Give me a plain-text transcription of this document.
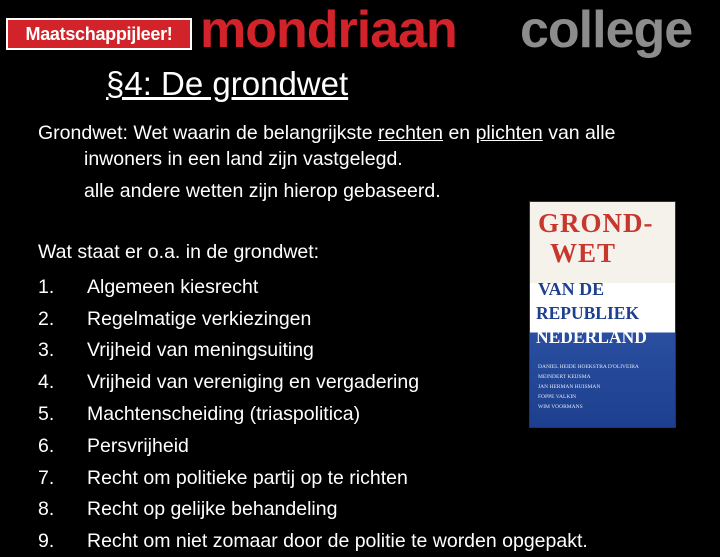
Maatschappijleer! mondriaan college
§4: De grondwet
Grondwet: Wet waarin de belangrijkste rechten en plichten van alle
inwoners in een land zijn vastgelegd.
alle andere wetten zijn hierop gebaseerd.
Wat staat er o.a. in de grondwet:
1.	Algemeen kiesrecht
2.	Regelmatige verkiezingen
3.	Vrijheid van meningsuiting
4.	Vrijheid van vereniging en vergadering
5.	Machtenscheiding (triaspolitica)
6.	Persvrijheid
7.	Recht om politieke partij op te richten
8.	Recht op gelijke behandeling
9.	Recht om niet zomaar door de politie te worden opgepakt.
GROND-
WET
VAN DE
REPUBLIEK
NEDERLAND
DANIEL HEIDE HOEKSTRA D'OLIVEIRA
MEINDERT KEIJSMA
JAN HERMAN HUISMAN
FOPPE VALKIN
WIM VOORMANS
